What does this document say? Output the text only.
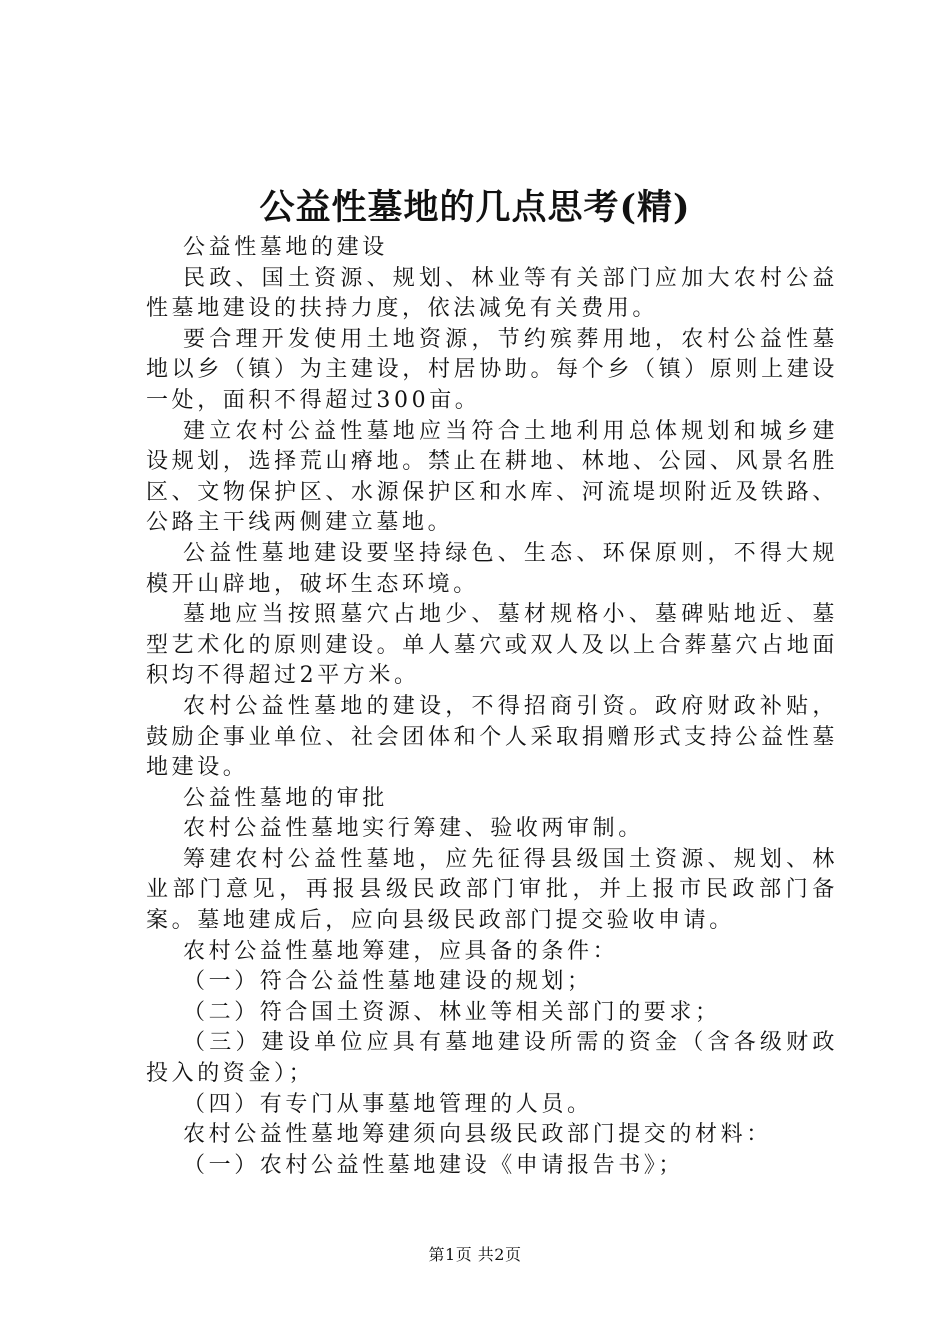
公益性墓地的几点思考(精)

公益性墓地的建设

民政、国土资源、规划、林业等有关部门应加大农村公益性墓地建设的扶持力度，依法减免有关费用。

要合理开发使用土地资源，节约殡葬用地，农村公益性墓地以乡（镇）为主建设，村居协助。每个乡（镇）原则上建设一处，面积不得超过300亩。

建立农村公益性墓地应当符合土地利用总体规划和城乡建设规划，选择荒山瘠地。禁止在耕地、林地、公园、风景名胜区、文物保护区、水源保护区和水库、河流堤坝附近及铁路、公路主干线两侧建立墓地。

公益性墓地建设要坚持绿色、生态、环保原则，不得大规模开山辟地，破坏生态环境。

墓地应当按照墓穴占地少、墓材规格小、墓碑贴地近、墓型艺术化的原则建设。单人墓穴或双人及以上合葬墓穴占地面积均不得超过2平方米。

农村公益性墓地的建设，不得招商引资。政府财政补贴，鼓励企事业单位、社会团体和个人采取捐赠形式支持公益性墓地建设。

公益性墓地的审批

农村公益性墓地实行筹建、验收两审制。

筹建农村公益性墓地，应先征得县级国土资源、规划、林业部门意见，再报县级民政部门审批，并上报市民政部门备案。墓地建成后，应向县级民政部门提交验收申请。

农村公益性墓地筹建，应具备的条件：

（一）符合公益性墓地建设的规划；

（二）符合国土资源、林业等相关部门的要求；

（三）建设单位应具有墓地建设所需的资金（含各级财政投入的资金）；

（四）有专门从事墓地管理的人员。

农村公益性墓地筹建须向县级民政部门提交的材料：

（一）农村公益性墓地建设《申请报告书》；

第1页 共2页
